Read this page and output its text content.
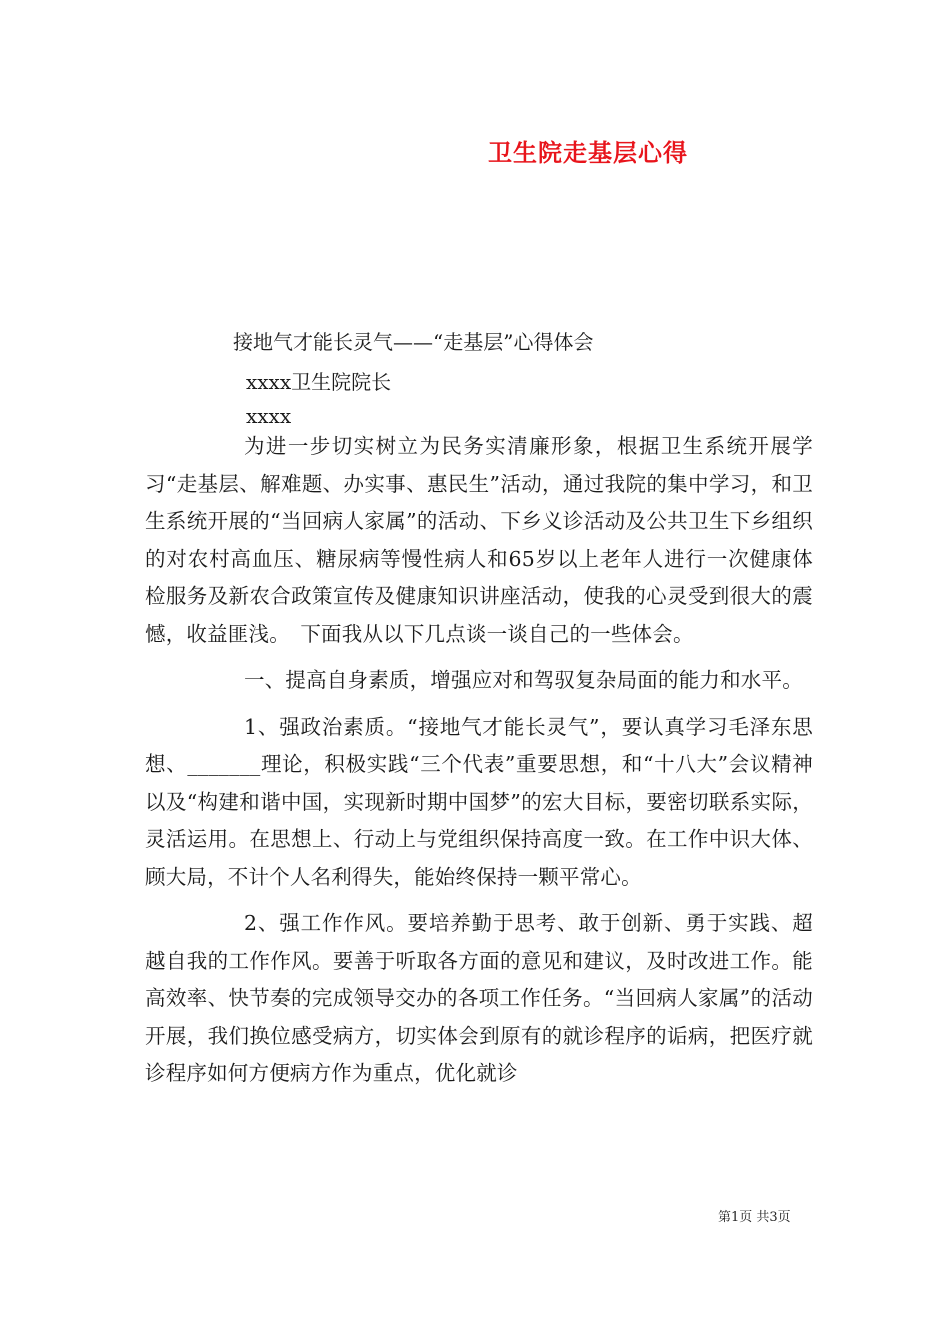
卫生院走基层心得
接地气才能长灵气——“走基层”心得体会
xxxx卫生院院长
xxxx

为进一步切实树立为民务实清廉形象，根据卫生系统开展学习“走基层、解难题、办实事、惠民生”活动，通过我院的集中学习，和卫生系统开展的“当回病人家属”的活动、下乡义诊活动及公共卫生下乡组织的对农村高血压、糖尿病等慢性病人和65岁以上老年人进行一次健康体检服务及新农合政策宣传及健康知识讲座活动，使我的心灵受到很大的震憾，收益匪浅。　下面我从以下几点谈一谈自己的一些体会。

一、提高自身素质，增强应对和驾驭复杂局面的能力和水平。

1、强政治素质。“接地气才能长灵气”，要认真学习毛泽东思想、_______理论，积极实践“三个代表”重要思想，和“十八大”会议精神以及“构建和谐中国，实现新时期中国梦”的宏大目标，要密切联系实际，灵活运用。在思想上、行动上与党组织保持高度一致。在工作中识大体、顾大局，不计个人名利得失，能始终保持一颗平常心。

2、强工作作风。要培养勤于思考、敢于创新、勇于实践、超越自我的工作作风。要善于听取各方面的意见和建议，及时改进工作。能高效率、快节奏的完成领导交办的各项工作任务。“当回病人家属”的活动开展，我们换位感受病方，切实体会到原有的就诊程序的诟病，把医疗就诊程序如何方便病方作为重点，优化就诊

第1页 共3页
